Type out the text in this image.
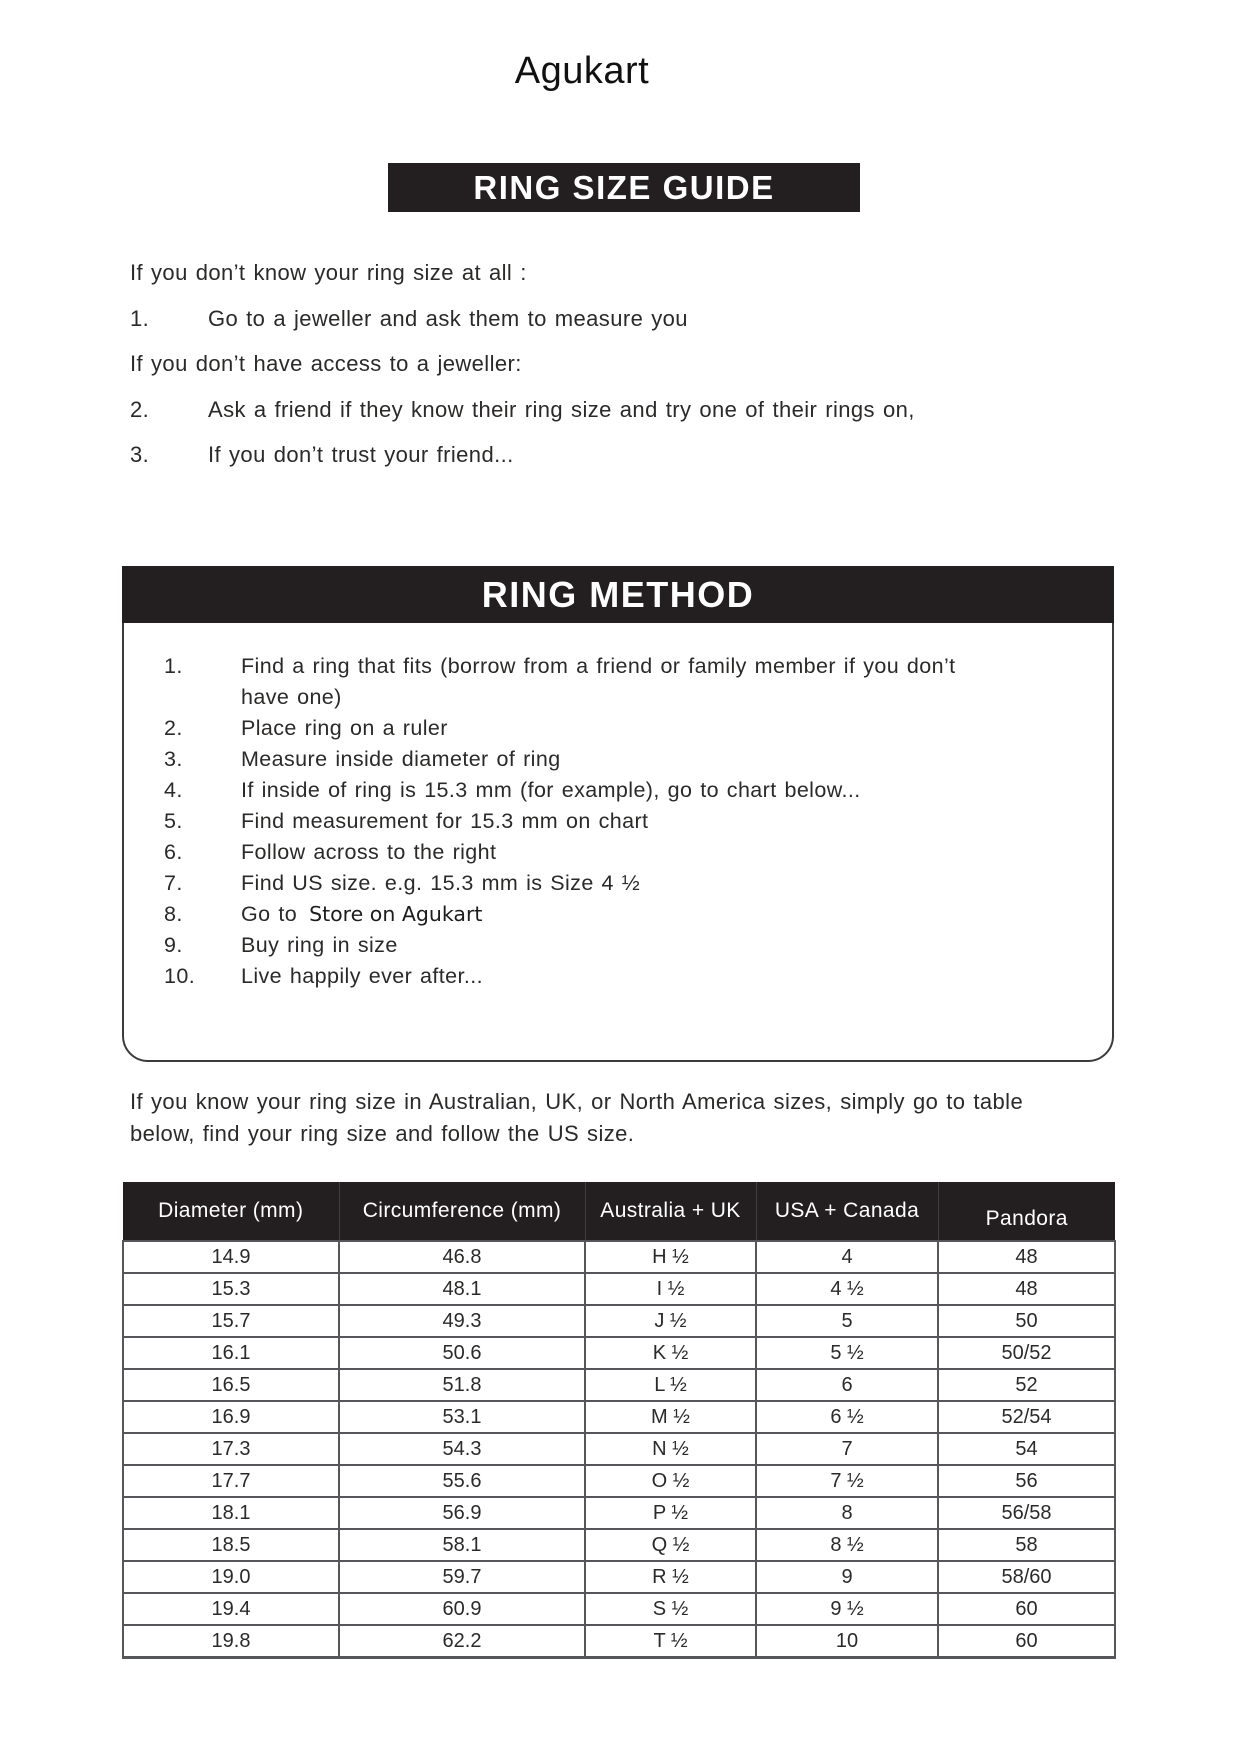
Agukart
RING SIZE GUIDE
If you don’t know your ring size at all :
1.	Go to a jeweller and ask them to measure you
If you don’t have access to a jeweller:
2.	Ask a friend if they know their ring size and try one of their rings on,
3.	If you don’t trust your friend...
RING METHOD
1.	Find a ring that fits (borrow from a friend or family member if you don’t have one)
2.	Place ring on a ruler
3.	Measure inside diameter of ring
4.	If inside of ring is 15.3 mm (for example), go to chart below...
5.	Find measurement for 15.3 mm on chart
6.	Follow across to the right
7.	Find US size. e.g. 15.3 mm is Size 4 ½
8.	Go to Store on Agukart
9.	Buy ring in size
10.	Live happily ever after...
If you know your ring size in Australian, UK, or North America sizes, simply go to table below, find your ring size and follow the US size.
Diameter (mm)	Circumference (mm)	Australia + UK	USA + Canada	Pandora
14.9	46.8	H ½	4	48
15.3	48.1	I ½	4 ½	48
15.7	49.3	J ½	5	50
16.1	50.6	K ½	5 ½	50/52
16.5	51.8	L ½	6	52
16.9	53.1	M ½	6 ½	52/54
17.3	54.3	N ½	7	54
17.7	55.6	O ½	7 ½	56
18.1	56.9	P ½	8	56/58
18.5	58.1	Q ½	8 ½	58
19.0	59.7	R ½	9	58/60
19.4	60.9	S ½	9 ½	60
19.8	62.2	T ½	10	60
